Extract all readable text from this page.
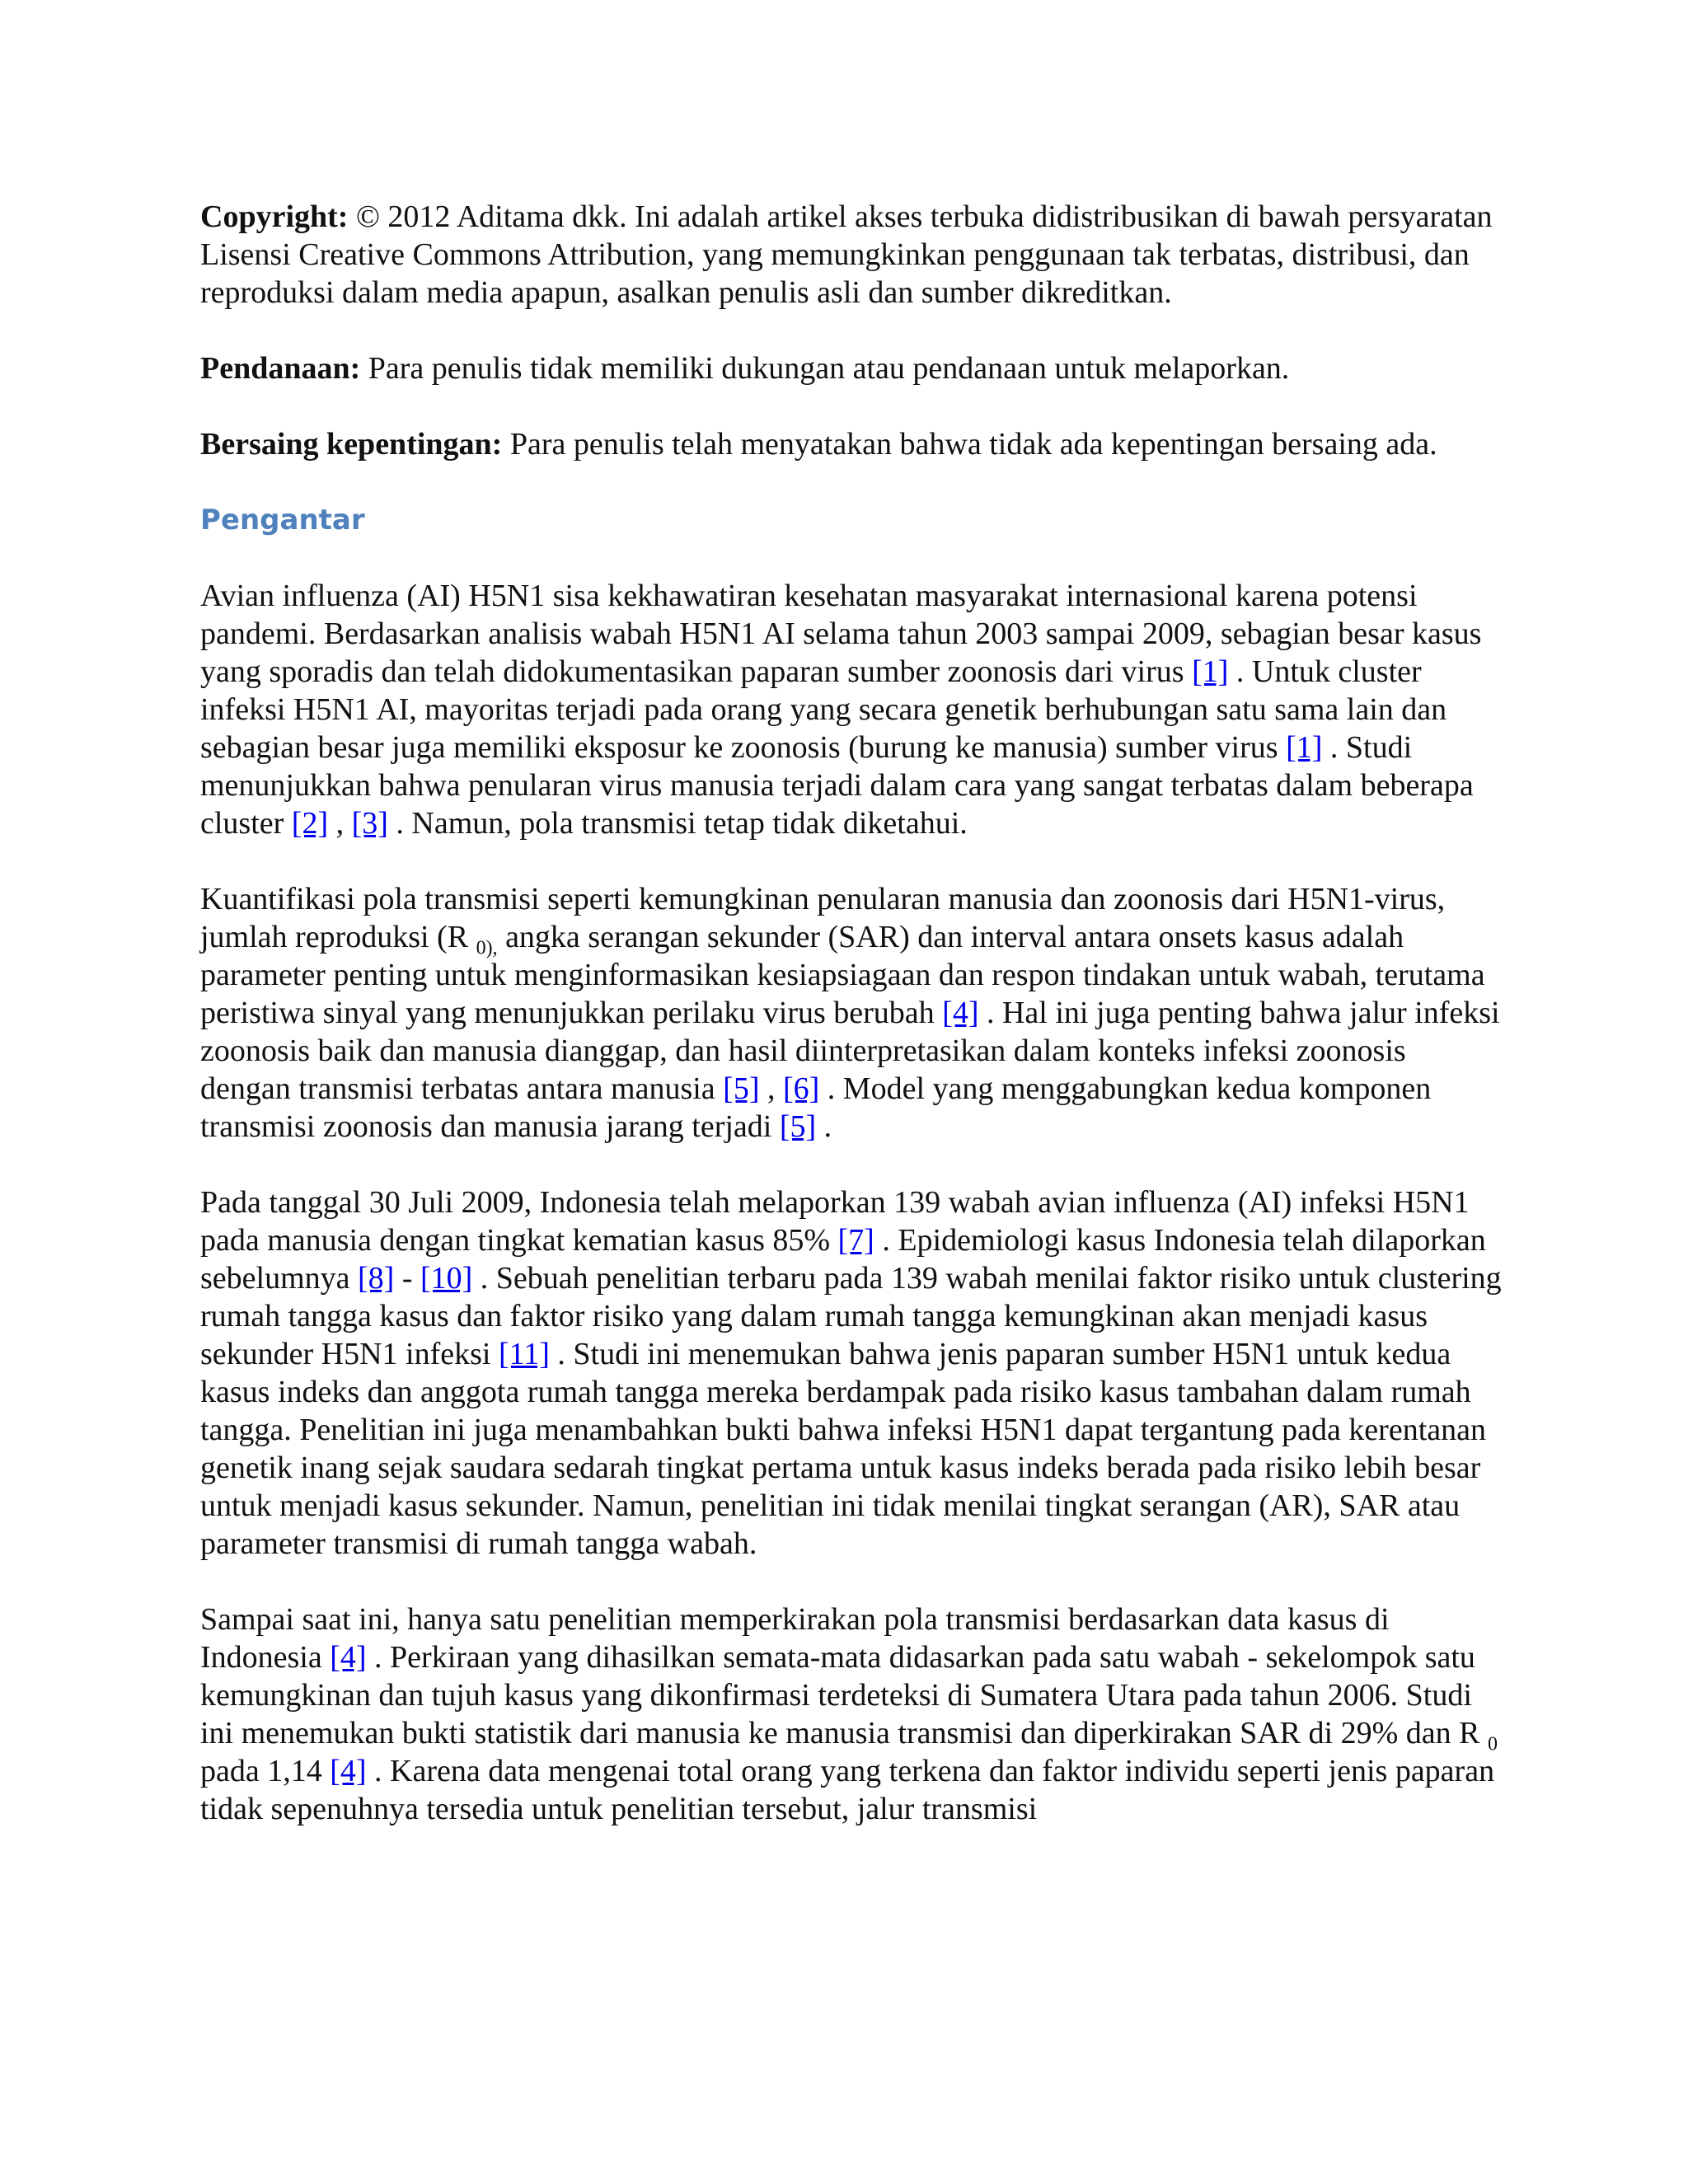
Copyright: © 2012 Aditama dkk. Ini adalah artikel akses terbuka didistribusikan di bawah persyaratan Lisensi Creative Commons Attribution, yang memungkinkan penggunaan tak terbatas, distribusi, dan reproduksi dalam media apapun, asalkan penulis asli dan sumber dikreditkan.

Pendanaan: Para penulis tidak memiliki dukungan atau pendanaan untuk melaporkan.

Bersaing kepentingan: Para penulis telah menyatakan bahwa tidak ada kepentingan bersaing ada.

Pengantar

Avian influenza (AI) H5N1 sisa kekhawatiran kesehatan masyarakat internasional karena potensi pandemi. Berdasarkan analisis wabah H5N1 AI selama tahun 2003 sampai 2009, sebagian besar kasus yang sporadis dan telah didokumentasikan paparan sumber zoonosis dari virus [1] . Untuk cluster infeksi H5N1 AI, mayoritas terjadi pada orang yang secara genetik berhubungan satu sama lain dan sebagian besar juga memiliki eksposur ke zoonosis (burung ke manusia) sumber virus [1] . Studi menunjukkan bahwa penularan virus manusia terjadi dalam cara yang sangat terbatas dalam beberapa cluster [2] , [3] . Namun, pola transmisi tetap tidak diketahui.

Kuantifikasi pola transmisi seperti kemungkinan penularan manusia dan zoonosis dari H5N1-virus, jumlah reproduksi (R $_{0),}$ angka serangan sekunder (SAR) dan interval antara onsets kasus adalah parameter penting untuk menginformasikan kesiapsiagaan dan respon tindakan untuk wabah, terutama peristiwa sinyal yang menunjukkan perilaku virus berubah [4] . Hal ini juga penting bahwa jalur infeksi zoonosis baik dan manusia dianggap, dan hasil diinterpretasikan dalam konteks infeksi zoonosis dengan transmisi terbatas antara manusia [5] , [6] . Model yang menggabungkan kedua komponen transmisi zoonosis dan manusia jarang terjadi [5] .

Pada tanggal 30 Juli 2009, Indonesia telah melaporkan 139 wabah avian influenza (AI) infeksi H5N1 pada manusia dengan tingkat kematian kasus 85% [7] . Epidemiologi kasus Indonesia telah dilaporkan sebelumnya [8] - [10] . Sebuah penelitian terbaru pada 139 wabah menilai faktor risiko untuk clustering rumah tangga kasus dan faktor risiko yang dalam rumah tangga kemungkinan akan menjadi kasus sekunder H5N1 infeksi [11] . Studi ini menemukan bahwa jenis paparan sumber H5N1 untuk kedua kasus indeks dan anggota rumah tangga mereka berdampak pada risiko kasus tambahan dalam rumah tangga. Penelitian ini juga menambahkan bukti bahwa infeksi H5N1 dapat tergantung pada kerentanan genetik inang sejak saudara sedarah tingkat pertama untuk kasus indeks berada pada risiko lebih besar untuk menjadi kasus sekunder. Namun, penelitian ini tidak menilai tingkat serangan (AR), SAR atau parameter transmisi di rumah tangga wabah.

Sampai saat ini, hanya satu penelitian memperkirakan pola transmisi berdasarkan data kasus di Indonesia [4] . Perkiraan yang dihasilkan semata-mata didasarkan pada satu wabah - sekelompok satu kemungkinan dan tujuh kasus yang dikonfirmasi terdeteksi di Sumatera Utara pada tahun 2006. Studi ini menemukan bukti statistik dari manusia ke manusia transmisi dan diperkirakan SAR di 29% dan R $_0$ pada 1,14 [4] . Karena data mengenai total orang yang terkena dan faktor individu seperti jenis paparan tidak sepenuhnya tersedia untuk penelitian tersebut, jalur transmisi
